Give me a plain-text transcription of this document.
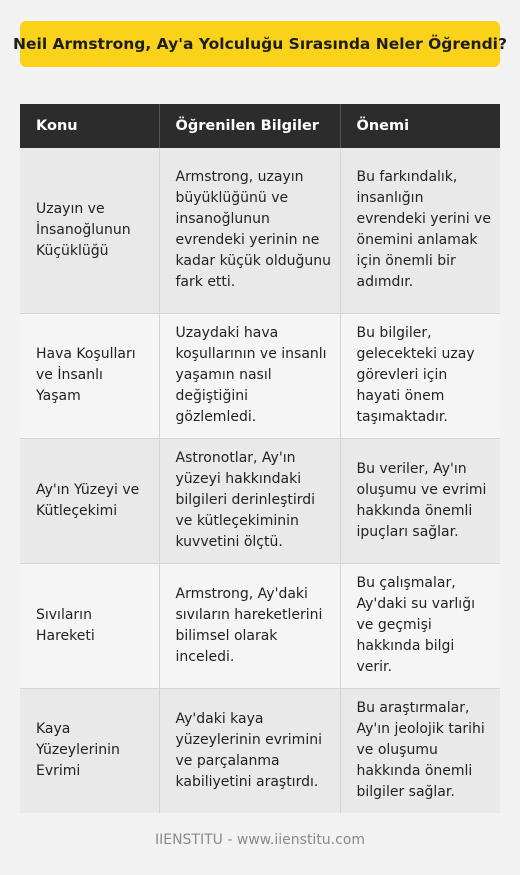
Neil Armstrong, Ay'a Yolculuğu Sırasında Neler Öğrendi?
Konu	Öğrenilen Bilgiler	Önemi
Uzayın ve İnsanoğlunun Küçüklüğü	Armstrong, uzayın büyüklüğünü ve insanoğlunun evrendeki yerinin ne kadar küçük olduğunu fark etti.	Bu farkındalık, insanlığın evrendeki yerini ve önemini anlamak için önemli bir adımdır.
Hava Koşulları ve İnsanlı Yaşam	Uzaydaki hava koşullarının ve insanlı yaşamın nasıl değiştiğini gözlemledi.	Bu bilgiler, gelecekteki uzay görevleri için hayati önem taşımaktadır.
Ay'ın Yüzeyi ve Kütleçekimi	Astronotlar, Ay'ın yüzeyi hakkındaki bilgileri derinleştirdi ve kütleçekiminin kuvvetini ölçtü.	Bu veriler, Ay'ın oluşumu ve evrimi hakkında önemli ipuçları sağlar.
Sıvıların Hareketi	Armstrong, Ay'daki sıvıların hareketlerini bilimsel olarak inceledi.	Bu çalışmalar, Ay'daki su varlığı ve geçmişi hakkında bilgi verir.
Kaya Yüzeylerinin Evrimi	Ay'daki kaya yüzeylerinin evrimini ve parçalanma kabiliyetini araştırdı.	Bu araştırmalar, Ay'ın jeolojik tarihi ve oluşumu hakkında önemli bilgiler sağlar.
IIENSTITU - www.iienstitu.com
